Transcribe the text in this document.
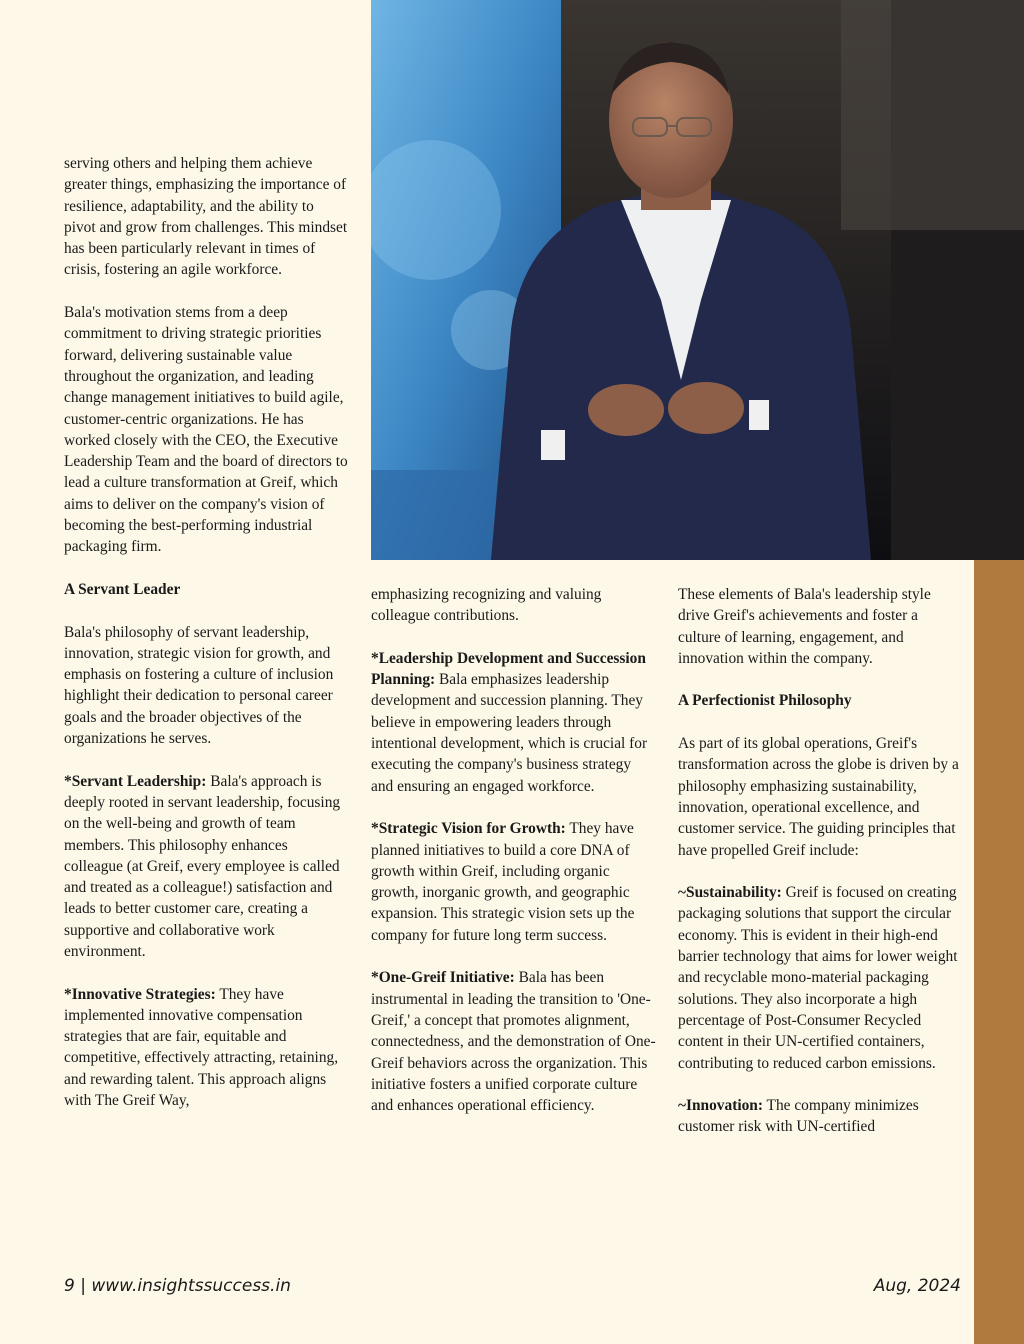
serving others and helping them achieve greater things, emphasizing the importance of resilience, adaptability, and the ability to pivot and grow from challenges. This mindset has been particularly relevant in times of crisis, fostering an agile workforce.

Bala's motivation stems from a deep commitment to driving strategic priorities forward, delivering sustainable value throughout the organization, and leading change management initiatives to build agile, customer-centric organizations. He has worked closely with the CEO, the Executive Leadership Team and the board of directors to lead a culture transformation at Greif, which aims to deliver on the company's vision of becoming the best-performing industrial packaging firm.

A Servant Leader

Bala's philosophy of servant leadership, innovation, strategic vision for growth, and emphasis on fostering a culture of inclusion highlight their dedication to personal career goals and the broader objectives of the organizations he serves.

*Servant Leadership: Bala's approach is deeply rooted in servant leadership, focusing on the well-being and growth of team members. This philosophy enhances colleague (at Greif, every employee is called and treated as a colleague!) satisfaction and leads to better customer care, creating a supportive and collaborative work environment.

*Innovative Strategies: They have implemented innovative compensation strategies that are fair, equitable and competitive, effectively attracting, retaining, and rewarding talent. This approach aligns with The Greif Way,

emphasizing recognizing and valuing colleague contributions.

*Leadership Development and Succession Planning: Bala emphasizes leadership development and succession planning. They believe in empowering leaders through intentional development, which is crucial for executing the company's business strategy and ensuring an engaged workforce.

*Strategic Vision for Growth: They have planned initiatives to build a core DNA of growth within Greif, including organic growth, inorganic growth, and geographic expansion. This strategic vision sets up the company for future long term success.

*One-Greif Initiative: Bala has been instrumental in leading the transition to 'One-Greif,' a concept that promotes alignment, connectedness, and the demonstration of One-Greif behaviors across the organization. This initiative fosters a unified corporate culture and enhances operational efficiency.

These elements of Bala's leadership style drive Greif's achievements and foster a culture of learning, engagement, and innovation within the company.

A Perfectionist Philosophy

As part of its global operations, Greif's transformation across the globe is driven by a philosophy emphasizing sustainability, innovation, operational excellence, and customer service. The guiding principles that have propelled Greif include:

~Sustainability: Greif is focused on creating packaging solutions that support the circular economy. This is evident in their high-end barrier technology that aims for lower weight and recyclable mono-material packaging solutions. They also incorporate a high percentage of Post-Consumer Recycled content in their UN-certified containers, contributing to reduced carbon emissions.

~Innovation: The company minimizes customer risk with UN-certified

9 | www.insightssuccess.in	Aug, 2024
